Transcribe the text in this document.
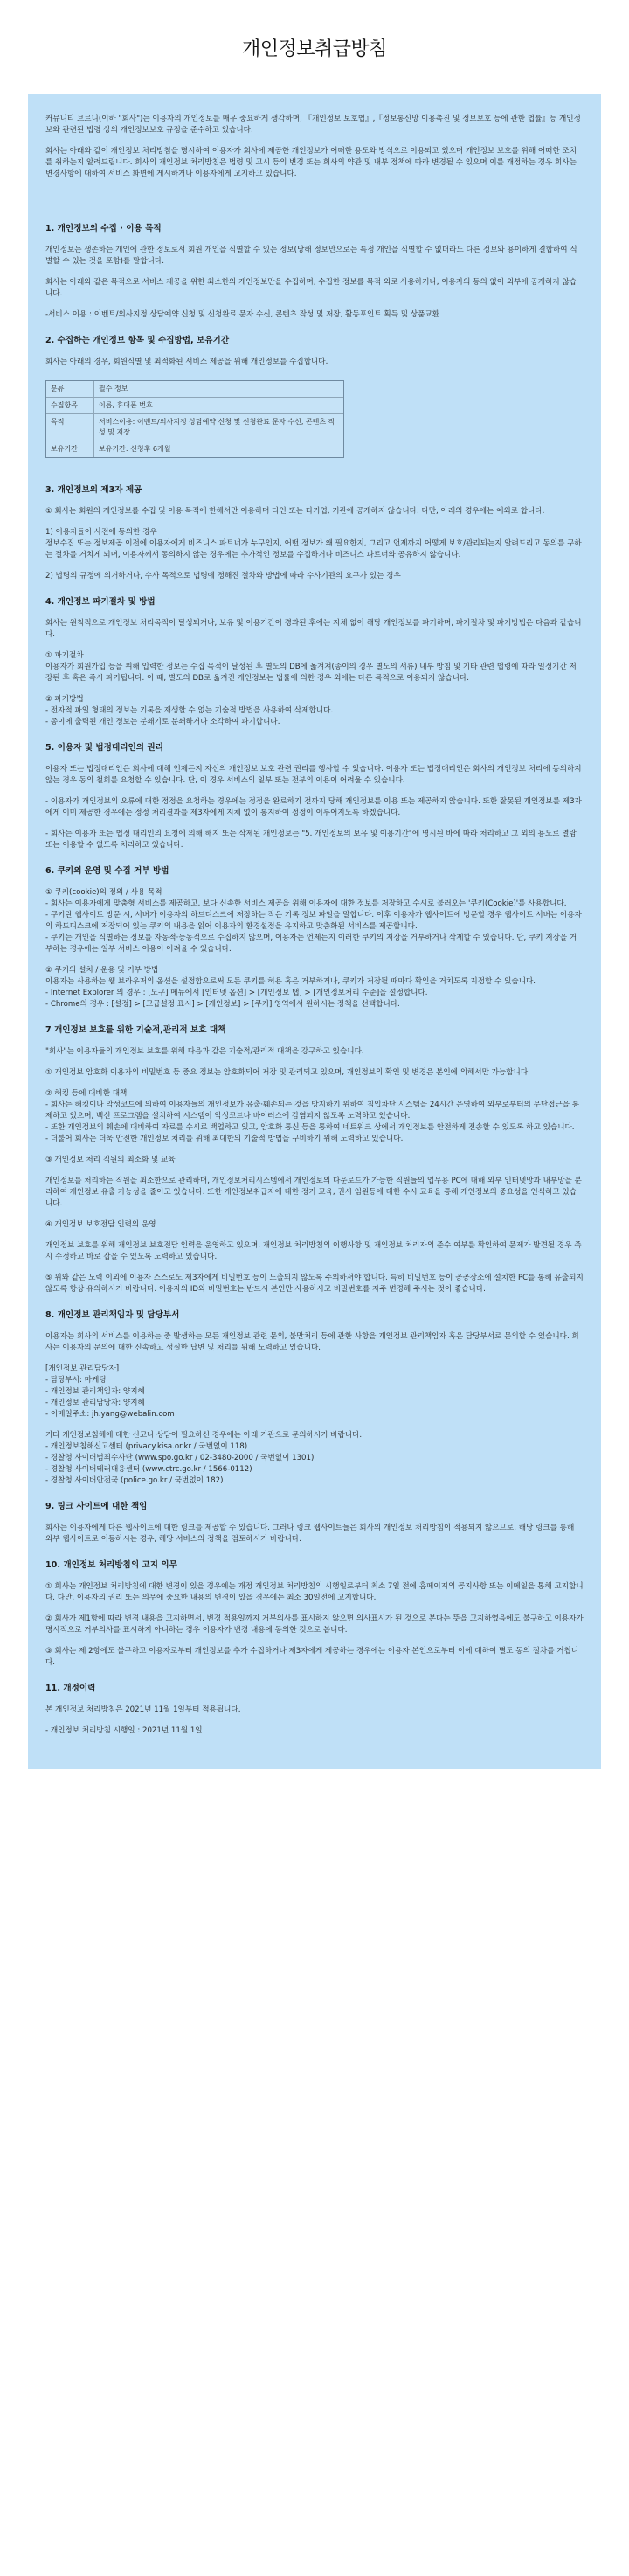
개인정보취급방침
커뮤니티 브르니(이하 "회사")는 이용자의 개인정보를 매우 중요하게 생각하며, 『개인정보 보호법』,『정보통신망 이용촉진 및 정보보호 등에 관한 법률』등 개인정보와 관련된 법령 상의 개인정보보호 규정을 준수하고 있습니다.
회사는 아래와 같이 개인정보 처리방침을 명시하여 이용자가 회사에 제공한 개인정보가 어떠한 용도와 방식으로 이용되고 있으며 개인정보 보호를 위해 어떠한 조치를 취하는지 알려드립니다. 회사의 개인정보 처리방침은 법령 및 고시 등의 변경 또는 회사의 약관 및 내부 정책에 따라 변경될 수 있으며 이를 개정하는 경우 회사는 변경사항에 대하여 서비스 화면에 게시하거나 이용자에게 고지하고 있습니다.
1. 개인정보의 수집 · 이용 목적
개인정보는 생존하는 개인에 관한 정보로서 회원 개인을 식별할 수 있는 정보(당해 정보만으로는 특정 개인을 식별할 수 없더라도 다른 정보와 용이하게 결합하여 식별할 수 있는 것을 포함)를 말합니다.
회사는 아래와 같은 목적으로 서비스 제공을 위한 최소한의 개인정보만을 수집하며, 수집한 정보를 목적 외로 사용하거나, 이용자의 동의 없이 외부에 공개하지 않습니다.
-서비스 이용 : 이벤트/의사지정 상담예약 신청 및 신청완료 문자 수신, 콘텐츠 작성 및 저장, 활동포인트 획득 및 상품교환
2. 수집하는 개인정보 항목 및 수집방법, 보유기간
회사는 아래의 경우, 회원식별 및 최적화된 서비스 제공을 위해 개인정보를 수집합니다.
분류	필수 정보
수집항목	이름, 휴대폰 번호
목적	서비스이용: 이벤트/의사지정 상담예약 신청 및 신청완료 문자 수신, 콘텐츠 작성 및 저장
보유기간	보유기간: 신청후 6개월
3. 개인정보의 제3자 제공
① 회사는 회원의 개인정보를 수집 및 이용 목적에 한해서만 이용하며 타인 또는 타기업, 기관에 공개하지 않습니다. 다만, 아래의 경우에는 예외로 합니다.
1) 이용자들이 사전에 동의한 경우
정보수집 또는 정보제공 이전에 이용자에게 비즈니스 파트너가 누구인지, 어떤 정보가 왜 필요한지, 그리고 언제까지 어떻게 보호/관리되는지 알려드리고 동의를 구하는 절차를 거치게 되며, 이용자께서 동의하지 않는 경우에는 추가적인 정보를 수집하거나 비즈니스 파트너와 공유하지 않습니다.
2) 법령의 규정에 의거하거나, 수사 목적으로 법령에 정해진 절차와 방법에 따라 수사기관의 요구가 있는 경우
4. 개인정보 파기절차 및 방법
회사는 원칙적으로 개인정보 처리목적이 달성되거나, 보유 및 이용기간이 경과된 후에는 지체 없이 해당 개인정보를 파기하며, 파기절차 및 파기방법은 다음과 같습니다.
① 파기절차
이용자가 회원가입 등을 위해 입력한 정보는 수집 목적이 달성된 후 별도의 DB에 옮겨져(종이의 경우 별도의 서류) 내부 방침 및 기타 관련 법령에 따라 일정기간 저장된 후 혹은 즉시 파기됩니다. 이 때, 별도의 DB로 옮겨진 개인정보는 법률에 의한 경우 외에는 다른 목적으로 이용되지 않습니다.
② 파기방법
- 전자적 파일 형태의 정보는 기록을 재생할 수 없는 기술적 방법을 사용하여 삭제합니다.
- 종이에 출력된 개인 정보는 분쇄기로 분쇄하거나 소각하여 파기합니다.
5. 이용자 및 법정대리인의 권리
이용자 또는 법정대리인은 회사에 대해 언제든지 자신의 개인정보 보호 관련 권리를 행사할 수 있습니다. 이용자 또는 법정대리인은 회사의 개인정보 처리에 동의하지 않는 경우 동의 철회를 요청할 수 있습니다. 단, 이 경우 서비스의 일부 또는 전부의 이용이 어려울 수 있습니다.
- 이용자가 개인정보의 오류에 대한 정정을 요청하는 경우에는 정정을 완료하기 전까지 당해 개인정보를 이용 또는 제공하지 않습니다. 또한 잘못된 개인정보를 제3자에게 이미 제공한 경우에는 정정 처리결과를 제3자에게 지체 없이 통지하여 정정이 이루어지도록 하겠습니다.
- 회사는 이용자 또는 법정 대리인의 요청에 의해 해지 또는 삭제된 개인정보는 "5. 개인정보의 보유 및 이용기간"에 명시된 바에 따라 처리하고 그 외의 용도로 열람 또는 이용할 수 없도록 처리하고 있습니다.
6. 쿠키의 운영 및 수집 거부 방법
① 쿠키(cookie)의 정의 / 사용 목적
- 회사는 이용자에게 맞춤형 서비스를 제공하고, 보다 신속한 서비스 제공을 위해 이용자에 대한 정보를 저장하고 수시로 불러오는 '쿠키(Cookie)'를 사용합니다.
- 쿠키란 웹사이트 방문 시, 서버가 이용자의 하드디스크에 저장하는 작은 기록 정보 파일을 말합니다. 이후 이용자가 웹사이트에 방문할 경우 웹사이트 서버는 이용자의 하드디스크에 저장되어 있는 쿠키의 내용을 읽어 이용자의 환경설정을 유지하고 맞춤화된 서비스를 제공합니다.
- 쿠키는 개인을 식별하는 정보를 자동적·능동적으로 수집하지 않으며, 이용자는 언제든지 이러한 쿠키의 저장을 거부하거나 삭제할 수 있습니다. 단, 쿠키 저장을 거부하는 경우에는 일부 서비스 이용이 어려울 수 있습니다.
② 쿠키의 설치 / 운용 및 거부 방법
이용자는 사용하는 웹 브라우저의 옵션을 설정함으로써 모든 쿠키를 허용 혹은 거부하거나, 쿠키가 저장될 때마다 확인을 거치도록 지정할 수 있습니다.
- Internet Explorer 의 경우 : [도구] 메뉴에서 [인터넷 옵션] > [개인정보 탭] > [개인정보처리 수준]을 설정합니다.
- Chrome의 경우 : [설정] > [고급설정 표시] > [개인정보] > [쿠키] 영역에서 원하시는 정책을 선택합니다.
7 개인정보 보호를 위한 기술적,관리적 보호 대책
"회사"는 이용자들의 개인정보 보호를 위해 다음과 같은 기술적/관리적 대책을 강구하고 있습니다.
① 개인정보 암호화 이용자의 비밀번호 등 중요 정보는 암호화되어 저장 및 관리되고 있으며, 개인정보의 확인 및 변경은 본인에 의해서만 가능합니다.
② 해킹 등에 대비한 대책
- 회사는 해킹이나 악성코드에 의하여 이용자들의 개인정보가 유출·훼손되는 것을 방지하기 위하여 침입차단 시스템을 24시간 운영하여 외부로부터의 무단접근을 통제하고 있으며, 백신 프로그램을 설치하여 시스템이 악성코드나 바이러스에 감염되지 않도록 노력하고 있습니다.
- 또한 개인정보의 훼손에 대비하여 자료를 수시로 백업하고 있고, 암호화 통신 등을 통하여 네트워크 상에서 개인정보를 안전하게 전송할 수 있도록 하고 있습니다.
- 더불어 회사는 더욱 안전한 개인정보 처리를 위해 최대한의 기술적 방법을 구비하기 위해 노력하고 있습니다.
③ 개인정보 처리 직원의 최소화 및 교육
개인정보를 처리하는 직원을 최소한으로 관리하며, 개인정보처리시스템에서 개인정보의 다운로드가 가능한 직원들의 업무용 PC에 대해 외부 인터넷망과 내부망을 분리하여 개인정보 유출 가능성을 줄이고 있습니다. 또한 개인정보취급자에 대한 정기 교육, 권시 임원등에 대한 수시 교육을 통해 개인정보의 중요성을 인식하고 있습니다.
④ 개인정보 보호전담 인력의 운영
개인정보 보호를 위해 개인정보 보호전담 인력을 운영하고 있으며, 개인정보 처리방침의 이행사항 및 개인정보 처리자의 준수 여부를 확인하여 문제가 발견될 경우 즉시 수정하고 바로 잡을 수 있도록 노력하고 있습니다.
⑤ 위와 같은 노력 이외에 이용자 스스로도 제3자에게 비밀번호 등이 노출되지 않도록 주의하셔야 합니다. 특히 비밀번호 등이 공공장소에 설치한 PC를 통해 유출되지 않도록 항상 유의하시기 바랍니다. 이용자의 ID와 비밀번호는 반드시 본인만 사용하시고 비밀번호를 자주 변경해 주시는 것이 좋습니다.
8. 개인정보 관리책임자 및 담당부서
이용자는 회사의 서비스를 이용하는 중 발생하는 모든 개인정보 관련 문의, 불만처리 등에 관한 사항을 개인정보 관리책임자 혹은 담당부서로 문의할 수 있습니다. 회사는 이용자의 문의에 대한 신속하고 성실한 답변 및 처리를 위해 노력하고 있습니다.
[개인정보 관리담당자]
- 담당부서: 마케팅
- 개인정보 관리책임자: 양지혜
- 개인정보 관리담당자: 양지혜
- 이메일주소: jh.yang@webalin.com
기타 개인정보침해에 대한 신고나 상담이 필요하신 경우에는 아래 기관으로 문의하시기 바랍니다.
- 개인정보침해신고센터 (privacy.kisa.or.kr / 국번없이 118)
- 경찰청 사이버범죄수사단 (www.spo.go.kr / 02-3480-2000 / 국번없이 1301)
- 경찰청 사이버테러대응센터 (www.ctrc.go.kr / 1566-0112)
- 경찰청 사이버안전국 (police.go.kr / 국번없이 182)
9. 링크 사이트에 대한 책임
회사는 이용자에게 다른 웹사이트에 대한 링크를 제공할 수 있습니다. 그러나 링크 웹사이트들은 회사의 개인정보 처리방침이 적용되지 않으므로, 해당 링크를 통해 외부 웹사이트로 이동하시는 경우, 해당 서비스의 정책을 검토하시기 바랍니다.
10. 개인정보 처리방침의 고지 의무
① 회사는 개인정보 처리방침에 대한 변경이 있을 경우에는 개정 개인정보 처리방침의 시행일로부터 최소 7일 전에 홈페이지의 공지사항 또는 이메일을 통해 고지합니다. 다만, 이용자의 권리 또는 의무에 중요한 내용의 변경이 있을 경우에는 최소 30일전에 고지합니다.
② 회사가 제1항에 따라 변경 내용을 고지하면서, 변경 적용일까지 거부의사를 표시하지 않으면 의사표시가 된 것으로 본다는 뜻을 고지하였음에도 불구하고 이용자가 명시적으로 거부의사를 표시하지 아니하는 경우 이용자가 변경 내용에 동의한 것으로 봅니다.
③ 회사는 제 2항에도 불구하고 이용자로부터 개인정보를 추가 수집하거나 제3자에게 제공하는 경우에는 이용자 본인으로부터 이에 대하여 별도 동의 절차를 거칩니다.
11. 개정이력
본 개인정보 처리방침은 2021년 11월 1일부터 적용됩니다.
- 개인정보 처리방침 시행일 : 2021년 11월 1일
